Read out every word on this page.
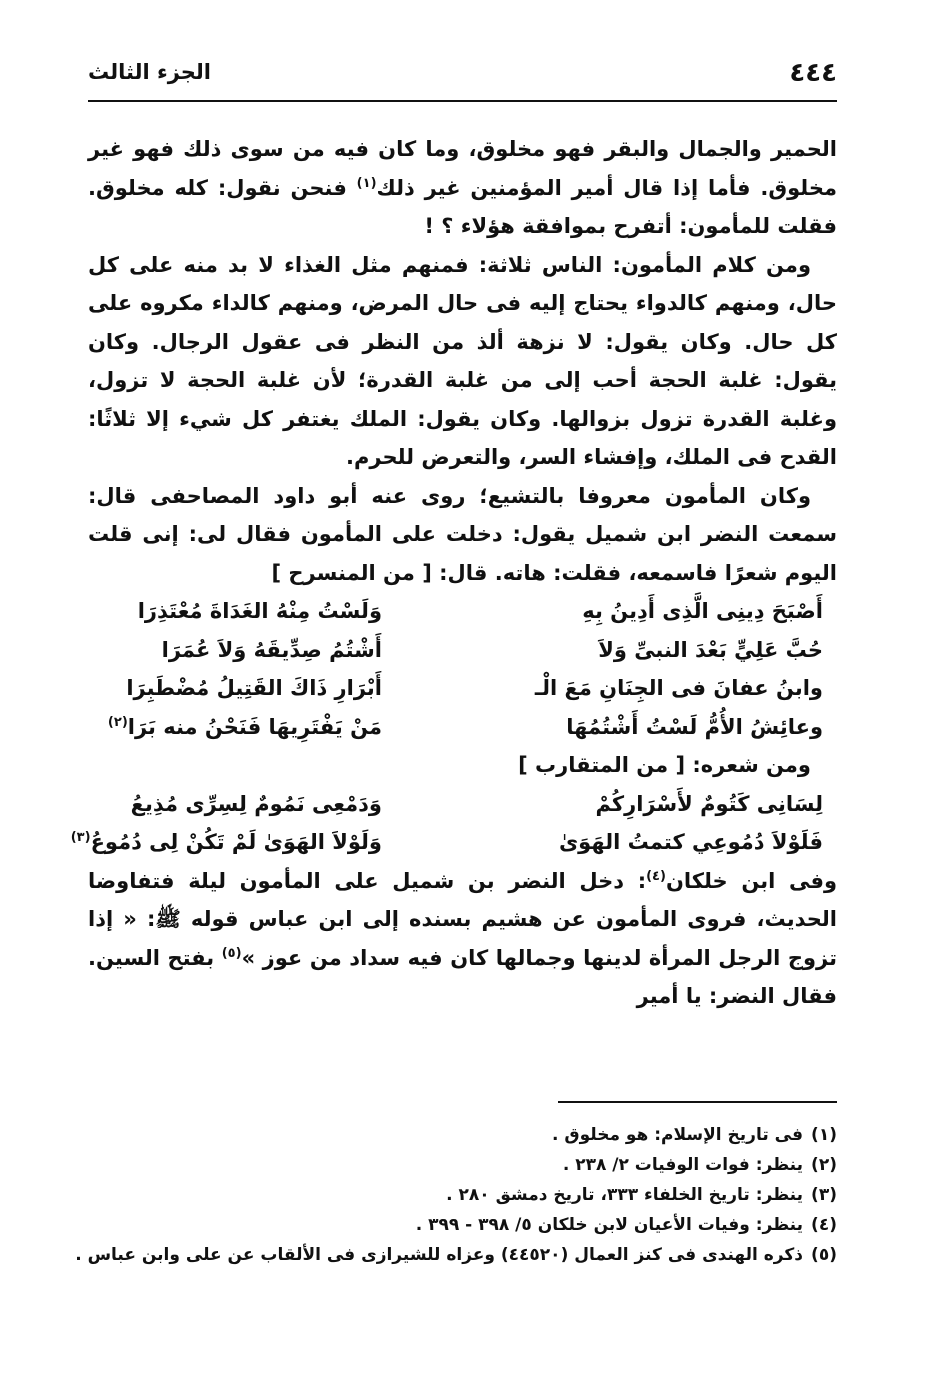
٤٤٤
الجزء الثالث

الحمير والجمال والبقر فهو مخلوق، وما كان فيه من سوى ذلك فهو غير مخلوق. فأما إذا قال أمير المؤمنين غير ذلك$^{(١)}$ فنحن نقول: كله مخلوق. فقلت للمأمون: أتفرح بموافقة هؤلاء ؟ !

ومن كلام المأمون: الناس ثلاثة: فمنهم مثل الغذاء لا بد منه على كل حال، ومنهم كالدواء يحتاج إليه فى حال المرض، ومنهم كالداء مكروه على كل حال. وكان يقول: لا نزهة ألذ من النظر فى عقول الرجال. وكان يقول: غلبة الحجة أحب إلى من غلبة القدرة؛ لأن غلبة الحجة لا تزول، وغلبة القدرة تزول بزوالها. وكان يقول: الملك يغتفر كل شيء إلا ثلاثًا: القدح فى الملك، وإفشاء السر، والتعرض للحرم.

وكان المأمون معروفا بالتشيع؛ روى عنه أبو داود المصاحفى قال: سمعت النضر ابن شميل يقول: دخلت على المأمون فقال لى: إنى قلت اليوم شعرًا فاسمعه، فقلت: هاته. قال: [ من المنسرح ]

أَصْبَحَ دِينِى الَّذِى أَدِينُ بِهِ
وَلَسْتُ مِنْهُ الغَدَاةَ مُعْتَذِرَا
حُبَّ عَلِيٍّ بَعْدَ النبىِّ وَلاَ
أَشْتُمُ صِدِّيقَهُ وَلاَ عُمَرَا
وابنُ عفانَ فى الجِنَانِ مَعَ الْـ
أَبْرَارِ ذَاكَ القَتِيلُ مُضْطَبِرَا
وعائِشُ الأُمُّ لَسْتُ أَشْتُمُهَا
مَنْ يَفْتَرِيهَا فَنَحْنُ منه بَرَا$^{(٢)}$

ومن شعره: [ من المتقارب ]

لِسَانِى كَتُومٌ لأَسْرَارِكُمْ
وَدَمْعِى نَمُومٌ لِسِرِّى مُذِيعُ
فَلَوْلاَ دُمُوعِي كتمتُ الهَوَىٰ
وَلَوْلاَ الهَوَىٰ لَمْ تَكُنْ لِى دُمُوعُ$^{(٣)}$

وفى ابن خلكان$^{(٤)}$: دخل النضر بن شميل على المأمون ليلة فتفاوضا الحديث، فروى المأمون عن هشيم بسنده إلى ابن عباس قوله ﷺ: « إذا تزوج الرجل المرأة لدينها وجمالها كان فيه سداد من عوز »$^{(٥)}$ بفتح السين. فقال النضر: يا أمير

(١)فى تاريخ الإسلام: هو مخلوق .

(٢)ينظر: فوات الوفيات ٢/ ٢٣٨ .

(٣)ينظر: تاريخ الخلفاء ٣٣٣، تاريخ دمشق ٢٨٠ .

(٤)ينظر: وفيات الأعيان لابن خلكان ٥/ ٣٩٨ - ٣٩٩ .

(٥)ذكره الهندى فى كنز العمال (٤٤٥٢٠) وعزاه للشيرازى فى الألقاب عن على وابن عباس .
